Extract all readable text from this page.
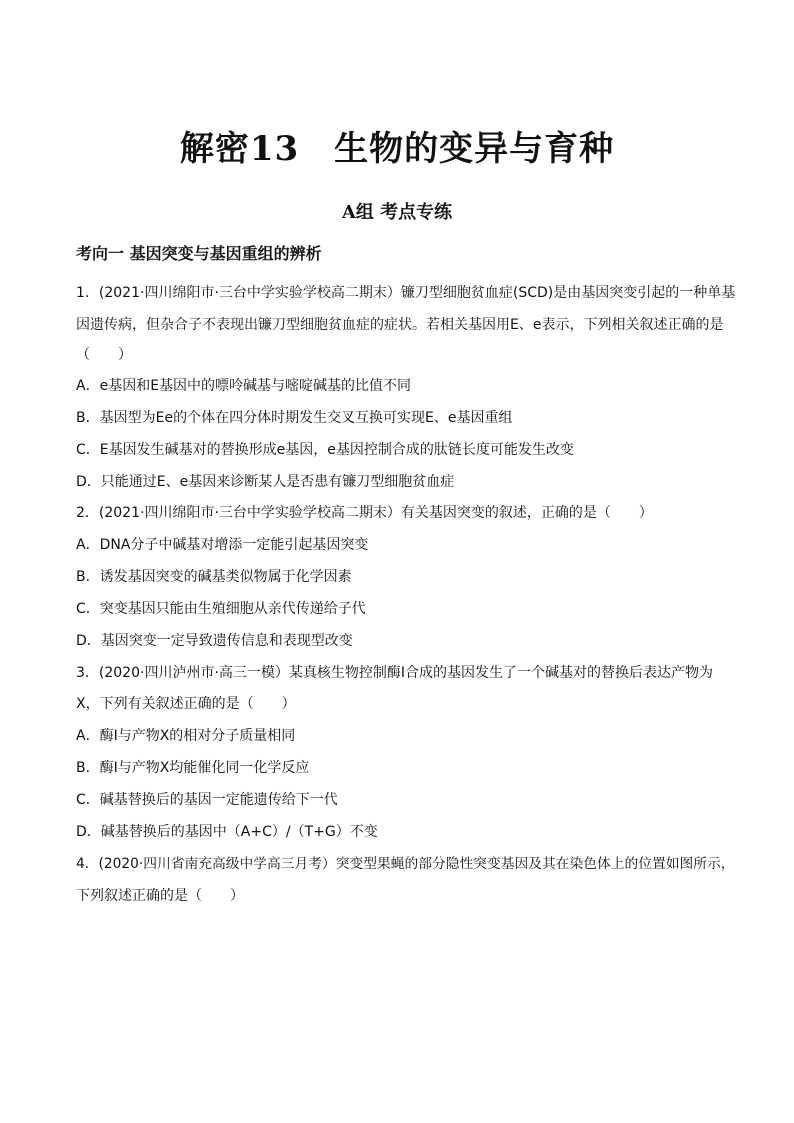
解密13　生物的变异与育种
A组 考点专练
考向一 基因突变与基因重组的辨析
1．(2021·四川绵阳市·三台中学实验学校高二期末）镰刀型细胞贫血症(SCD)是由基因突变引起的一种单基
因遗传病，但杂合子不表现出镰刀型细胞贫血症的症状。若相关基因用E、e表示，下列相关叙述正确的是
（　　）
A．e基因和E基因中的嘌呤碱基与嘧啶碱基的比值不同
B．基因型为Ee的个体在四分体时期发生交叉互换可实现E、e基因重组
C．E基因发生碱基对的替换形成e基因，e基因控制合成的肽链长度可能发生改变
D．只能通过E、e基因来诊断某人是否患有镰刀型细胞贫血症
2．(2021·四川绵阳市·三台中学实验学校高二期末）有关基因突变的叙述，正确的是（　　）
A．DNA分子中碱基对增添一定能引起基因突变
B．诱发基因突变的碱基类似物属于化学因素
C．突变基因只能由生殖细胞从亲代传递给子代
D．基因突变一定导致遗传信息和表现型改变
3．(2020·四川泸州市·高三一模）某真核生物控制酶Ⅰ合成的基因发生了一个碱基对的替换后表达产物为
X，下列有关叙述正确的是（　　）
A．酶Ⅰ与产物X的相对分子质量相同
B．酶Ⅰ与产物X均能催化同一化学反应
C．碱基替换后的基因一定能遗传给下一代
D．碱基替换后的基因中（A+C）/（T+G）不变
4．(2020·四川省南充高级中学高三月考）突变型果蝇的部分隐性突变基因及其在染色体上的位置如图所示，
下列叙述正确的是（　　）
